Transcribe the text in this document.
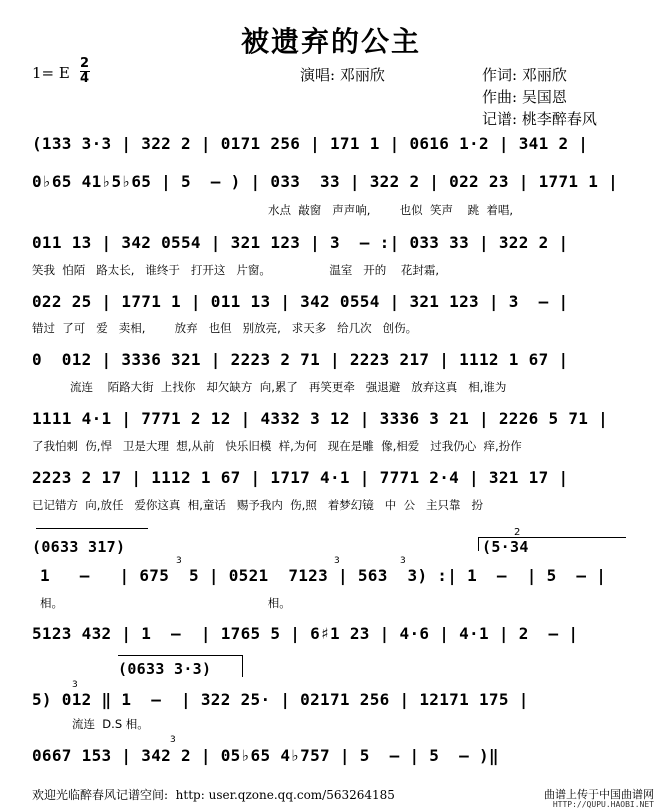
被遗弃的公主
1= E
2
4	演唱: 邓丽欣	作词: 邓丽欣
作曲: 吴国恩
记谱: 桃李醉春风
(133 3·3 | 322 2 | 0171 256 | 171 1 | 0616 1·2 | 341 2 |
0♭65 41♭5♭65 | 5  – ) | 033  33 | 322 2 | 022 23 | 1771 1 |
水点  敲窗   声声响,        也似  笑声    跳  着唱,
011 13 | 342 0554 | 321 123 | 3  – :| 033 33 | 322 2 |
笑我  怕陌   路太长,   谁终于   打开这   片窗。                温室   开的    花封霜,
022 25 | 1771 1 | 011 13 | 342 0554 | 321 123 | 3  – |
错过  了可   爱   卖相,        放弃   也但   别放亮,   求天多   给几次   创伤。
0  012 | 3336 321 | 2223 2 71 | 2223 217 | 1112 1 67 |
流连    陌路大街  上找你   却欠缺方  向,累了   再笑更牵   强退避   放弃这真   相,谁为
1111 4·1 | 7771 2 12 | 4332 3 12 | 3336 3 21 | 2226 5 71 |
了我怕刺  伤,悍   卫是大理  想,从前   快乐旧模  样,为何   现在是雕  像,相爱   过我仍心  痒,扮作
2223 2 17 | 1112 1 67 | 1717 4·1 | 7771 2·4 | 321 17 |
已记错方  向,放任   爱你这真  相,童话   赐予我内  伤,照   着梦幻镜   中  公   主只靠   扮
(0633 317)
2
(5·34
1   –   | 675  5 | 0521  7123 | 563  3) :| 1  –  | 5  – |
相。                                                        相。
3	3	3
5123 432 | 1  –  | 1765 5 | 6♯1 23 | 4·6 | 4·1 | 2  – |
(0633 3·3)
5) 012 ‖ 1  –  | 322 25· | 02171 256 | 12171 175 |
流连  D.S 相。
3
0667 153 | 342 2 | 05♭65 4♭757 | 5  – | 5  – )‖
3
欢迎光临醉春风记谱空间:  http: user.qzone.qq.com/563264185	曲谱上传于中国曲谱网
HTTP://QUPU.HAOBI.NET
